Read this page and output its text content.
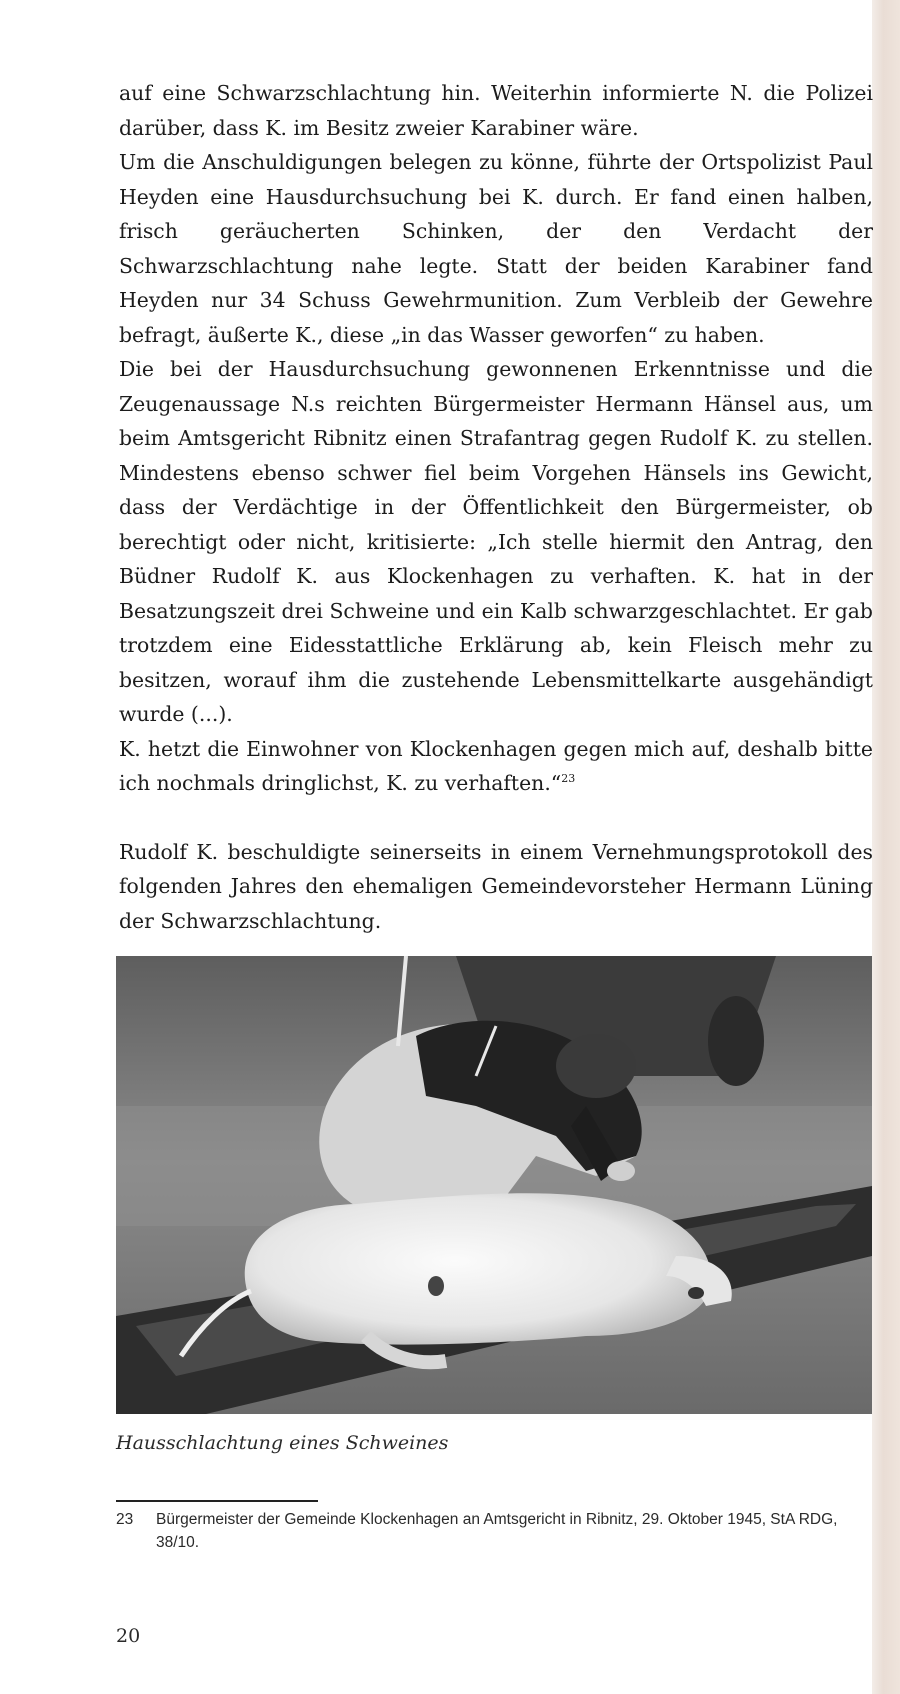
auf eine Schwarzschlachtung hin. Weiterhin informierte N. die Polizei darüber, dass K. im Besitz zweier Karabiner wäre.

Um die Anschuldigungen belegen zu könne, führte der Ortspolizist Paul Heyden eine Hausdurchsuchung bei K. durch. Er fand einen halben, frisch geräucherten Schinken, der den Verdacht der Schwarzschlachtung nahe legte. Statt der beiden Karabiner fand Heyden nur 34 Schuss Gewehrmunition. Zum Verbleib der Gewehre befragt, äußerte K., diese „in das Wasser geworfen“ zu haben.

Die bei der Hausdurchsuchung gewonnenen Erkenntnisse und die Zeugenaussage N.s reichten Bürgermeister Hermann Hänsel aus, um beim Amtsgericht Ribnitz einen Strafantrag gegen Rudolf K. zu stellen. Mindestens ebenso schwer fiel beim Vorgehen Hänsels ins Gewicht, dass der Verdächtige in der Öffentlichkeit den Bürgermeister, ob berechtigt oder nicht, kritisierte: „Ich stelle hiermit den Antrag, den Büdner Rudolf K. aus Klockenhagen zu verhaften. K. hat in der Besatzungszeit drei Schweine und ein Kalb schwarzgeschlachtet. Er gab trotzdem eine Eidesstattliche Erklärung ab, kein Fleisch mehr zu besitzen, worauf ihm die zustehende Lebensmittelkarte ausgehändigt wurde (...).

K. hetzt die Einwohner von Klockenhagen gegen mich auf, deshalb bitte ich nochmals dringlichst, K. zu verhaften.“$^{23}$

Rudolf K. beschuldigte seinerseits in einem Vernehmungsprotokoll des folgenden Jahres den ehemaligen Gemeindevorsteher Hermann Lüning der Schwarzschlachtung.

Hausschlachtung eines Schweines
23 Bürgermeister der Gemeinde Klockenhagen an Amtsgericht in Ribnitz, 29. Oktober 1945, StA RDG, 38/10.
20
